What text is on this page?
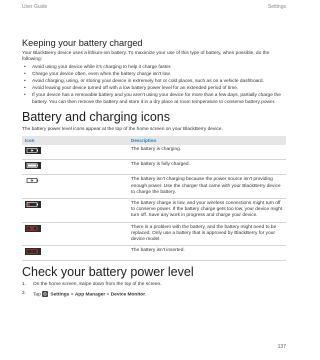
User Guide	Settings
Keeping your battery charged

Your BlackBerry device uses a lithium-ion battery. To maximize your use of this type of battery, when possible, do the following:

• Avoid using your device while it's charging to help it charge faster.
• Charge your device often, even when the battery charge isn't low.
• Avoid charging, using, or storing your device in extremely hot or cold places, such as on a vehicle dashboard.
• Avoid leaving your device turned off with a low battery power level for an extended period of time.
• If your device has a removable battery and you aren't using your device for more than a few days, partially charge the battery. You can then remove the battery and store it in a dry place at room temperature to conserve battery power.
Battery and charging icons

The battery power level icons appear at the top of the home screen on your BlackBerry device.

Icon	Description
	The battery is charging.
	The battery is fully charged.
	The battery isn't charging because the power source isn't providing enough power. Use the charger that came with your BlackBerry device to charge the battery.
	The battery charge is low, and your wireless connections might turn off to conserve power. If the battery charge gets too low, your device might turn off. Save any work in progress and charge your device.
	There is a problem with the battery, and the battery might need to be replaced. Only use a battery that is approved by BlackBerry for your device model.

?	The battery isn't inserted.
Check your battery power level
1. On the home screen, swipe down from the top of the screen.
2. Tap Settings > App Manager > Device Monitor.
137
